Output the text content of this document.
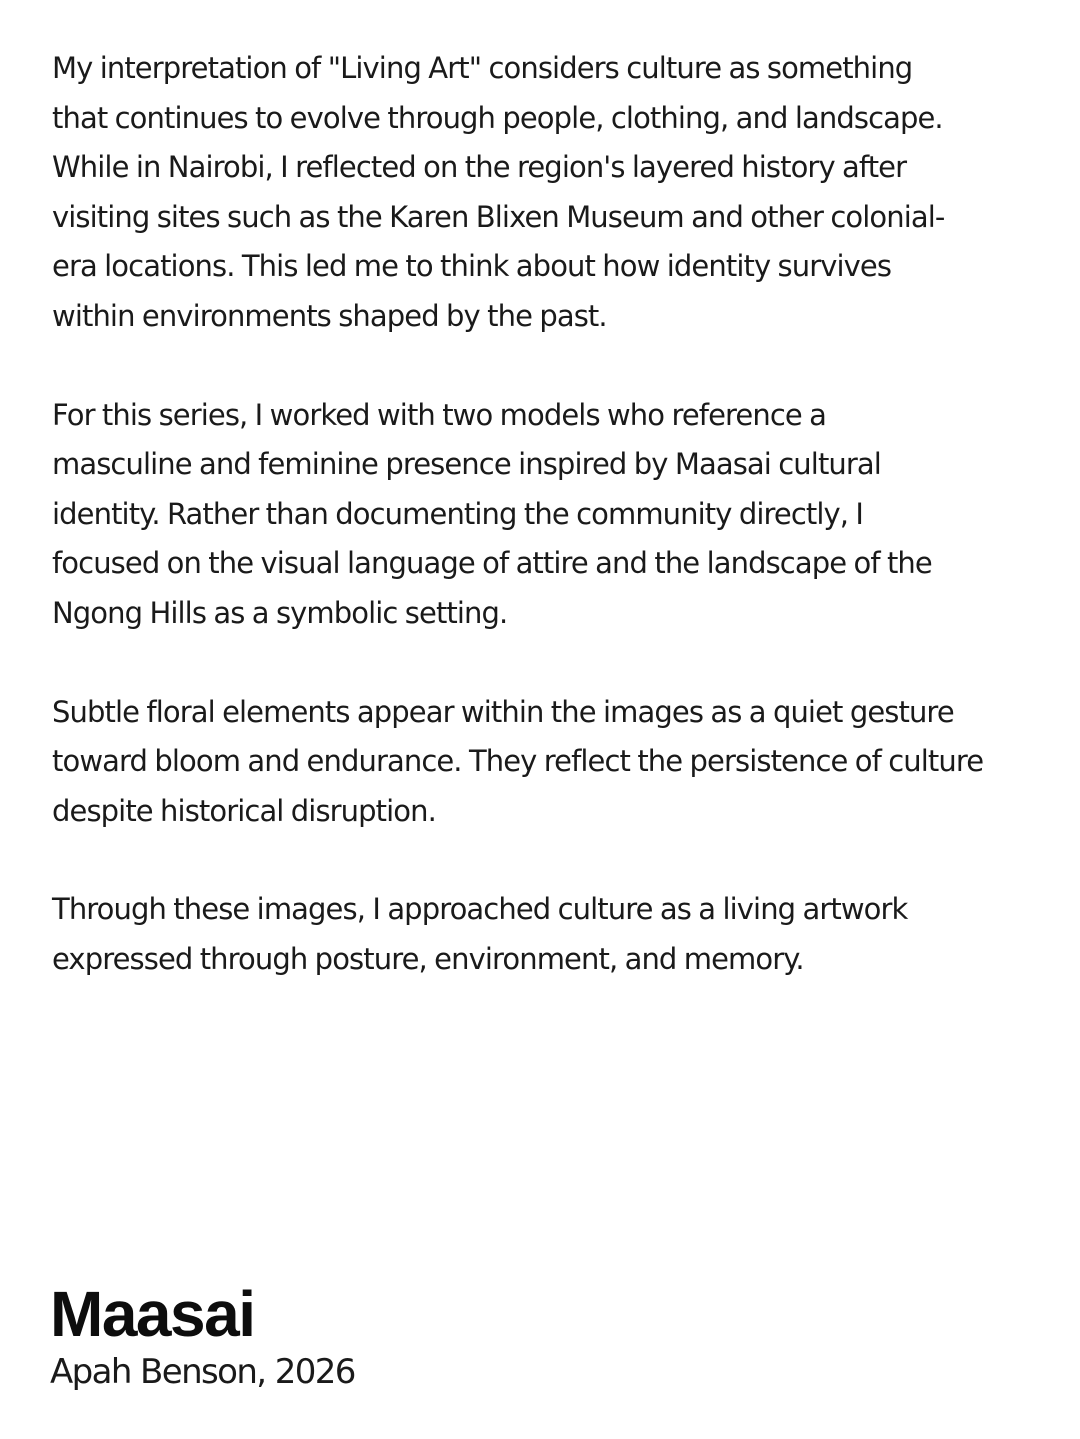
My interpretation of "Living Art" considers culture as something
that continues to evolve through people, clothing, and landscape.
While in Nairobi, I reflected on the region's layered history after
visiting sites such as the Karen Blixen Museum and other colonial-
era locations. This led me to think about how identity survives
within environments shaped by the past.

For this series, I worked with two models who reference a
masculine and feminine presence inspired by Maasai cultural
identity. Rather than documenting the community directly, I
focused on the visual language of attire and the landscape of the
Ngong Hills as a symbolic setting.

Subtle floral elements appear within the images as a quiet gesture
toward bloom and endurance. They reflect the persistence of culture
despite historical disruption.

Through these images, I approached culture as a living artwork
expressed through posture, environment, and memory.

Maasai

Apah Benson, 2026
